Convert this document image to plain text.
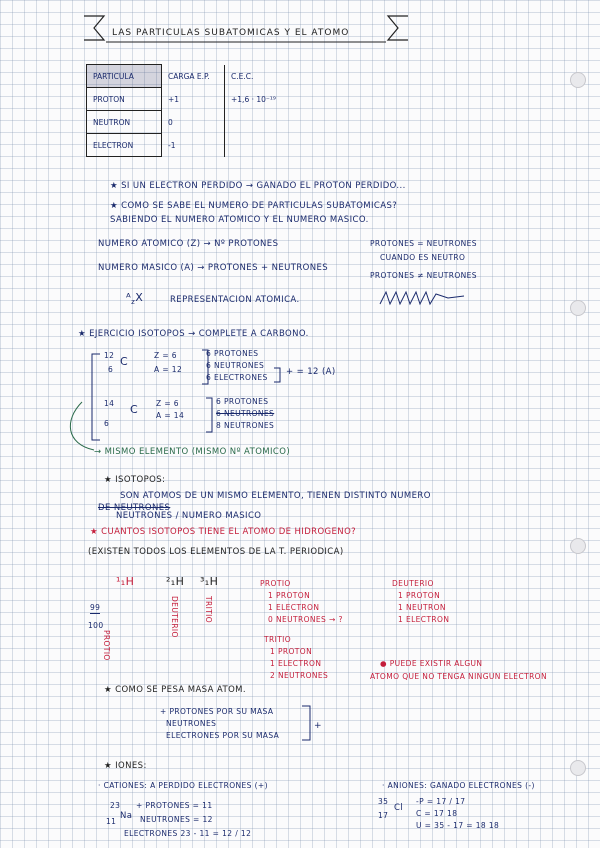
LAS PARTICULAS SUBATOMICAS Y EL ATOMO
PARTICULA	CARGA E.P.	C.E.C.
PROTON	+1	+1,6 · 10⁻¹⁹
NEUTRON	0	
ELECTRON	-1	
★ SI UN ELECTRON PERDIDO → GANADO EL PROTON PERDIDO...
★ COMO SE SABE EL NUMERO DE PARTICULAS SUBATOMICAS?
SABIENDO EL NUMERO ATOMICO Y EL NUMERO MASICO.
NUMERO ATOMICO (Z) → Nº PROTONES
NUMERO MASICO (A) → PROTONES + NEUTRONES
ᴬ$_z$X	REPRESENTACION ATOMICA.
PROTONES = NEUTRONES
CUANDO ES NEUTRO
PROTONES ≠ NEUTRONES
★ EJERCICIO ISOTOPOS → COMPLETE A CARBONO.
12
6
C	Z = 6
A = 12
6 PROTONES
6 NEUTRONES
6 ELECTRONES
+ = 12 (A)
14
6
C Z = 6
A = 14
6 PROTONES
6 NEUTRONES
8 NEUTRONES
→ MISMO ELEMENTO (MISMO Nº ATOMICO)
★ ISOTOPOS:
SON ATOMOS DE UN MISMO ELEMENTO, TIENEN DISTINTO NUMERO
DE NEUTRONES
NEUTRONES / NUMERO MASICO
★ CUANTOS ISOTOPOS TIENE EL ATOMO DE HIDROGENO?
(EXISTEN TODOS LOS ELEMENTOS DE LA T. PERIODICA)
¹₁H	²₁H ³₁H
99
100
PROTIO
DEUTERIO	TRITIO
PROTIO
1 PROTON
1 ELECTRON
0 NEUTRONES → ?
DEUTERIO
1 PROTON
1 NEUTRON
1 ELECTRON
TRITIO
1 PROTON
1 ELECTRON
2 NEUTRONES
● PUEDE EXISTIR ALGUN
ATOMO QUE NO TENGA NINGUN ELECTRON
★ COMO SE PESA MASA ATOM.
+ PROTONES POR SU MASA
NEUTRONES
ELECTRONES POR SU MASA
+
★ IONES:
· CATIONES: A PERDIDO ELECTRONES (+)
23
11
Na
+ PROTONES = 11
NEUTRONES = 12
ELECTRONES 23 - 11 = 12 / 12
· ANIONES: GANADO ELECTRONES (-)
35
17
Cl
-P = 17 / 17
C = 17 18
U = 35 - 17 = 18 18
